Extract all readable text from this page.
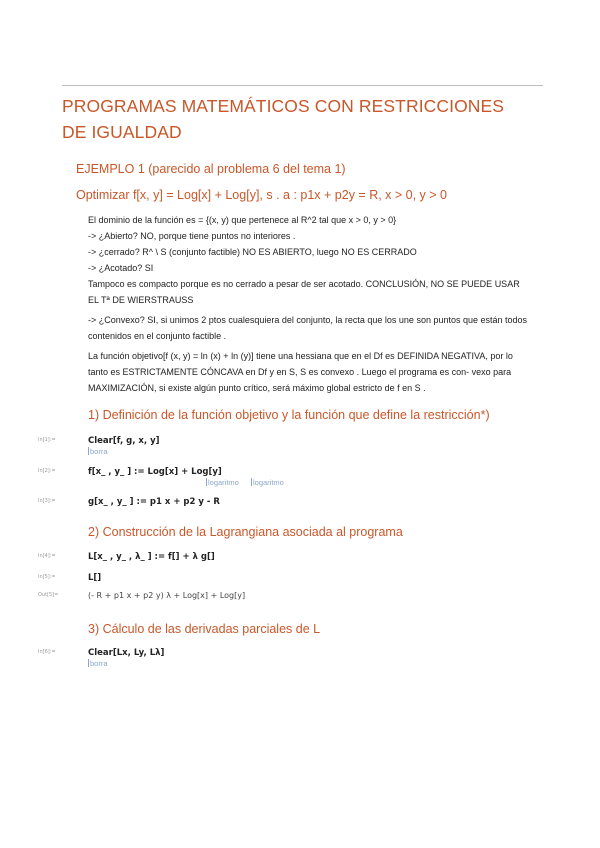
PROGRAMAS MATEMÁTICOS CON RESTRICCIONES DE IGUALDAD
EJEMPLO 1 (parecido al problema 6 del tema 1)
Optimizar f[x, y] = Log[x] + Log[y], s . a : p1x + p2y = R, x > 0, y > 0

El dominio de la función es = {(x, y) que pertenece al R^2 tal que x > 0, y > 0}

-> ¿Abierto? NO, porque tiene puntos no interiores .

-> ¿cerrado? R^ \ S (conjunto factible) NO ES ABIERTO, luego NO ES CERRADO

-> ¿Acotado? SI

Tampoco es compacto porque es no cerrado a pesar de ser acotado. CONCLUSIÓN, NO SE PUEDE USAR EL Tª DE WIERSTRAUSS

-> ¿Convexo? SI, si unimos 2 ptos cualesquiera del conjunto, la recta que los une son puntos que están todos contenidos en el conjunto factible .

La función objetivo[f (x, y) = ln (x) + ln (y)] tiene una hessiana que en el Df es DEFINIDA NEGATIVA, por lo tanto es ESTRICTAMENTE CÓNCAVA en Df y en S, S es convexo . Luego el programa es con- vexo para MAXIMIZACIÓN, si existe algún punto crítico, será máximo global estricto de f en S .

1) Definición de la función objetivo y la función que define la restricción*)
In[1]:=	Clear[f, g, x, y]
borra
In[2]:=	f[x_ , y_ ] := Log[x] + Log[y]
logaritmo logaritmo
In[3]:=	g[x_ , y_ ] := p1 x + p2 y - R
2) Construcción de la Lagrangiana asociada al programa
In[4]:=	L[x_ , y_ , λ_ ] := f[] + λ g[]
In[5]:=	L[]
Out[5]=	(- R + p1 x + p2 y) λ + Log[x] + Log[y]
3) Cálculo de las derivadas parciales de L
In[6]:=	Clear[Lx, Ly, Lλ]
borra
